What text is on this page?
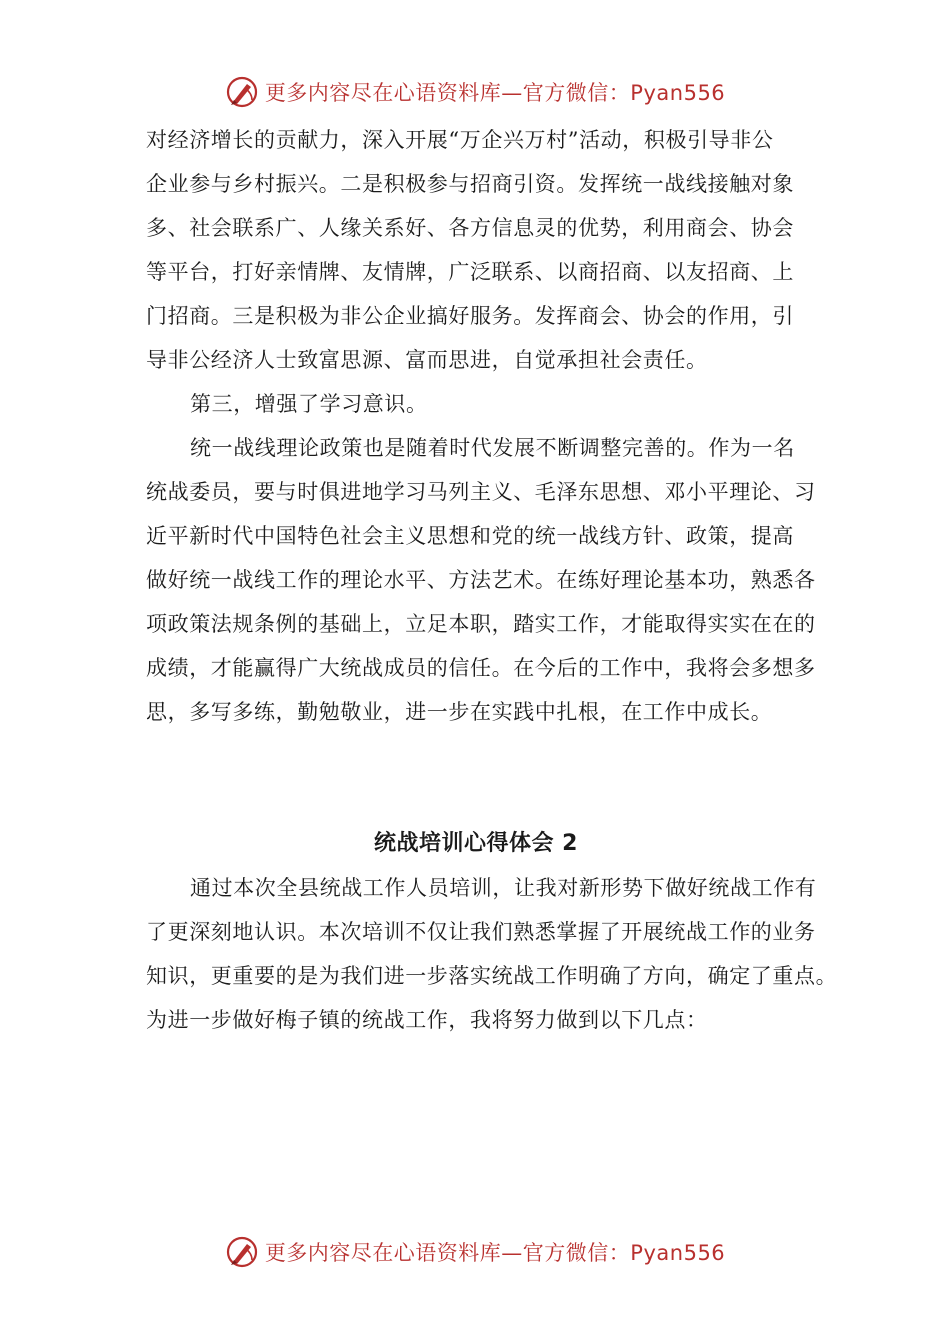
更多内容尽在心语资料库—官方微信：Pyan556
对经济增长的贡献力，深入开展“万企兴万村”活动，积极引导非公
企业参与乡村振兴。二是积极参与招商引资。发挥统一战线接触对象
多、社会联系广、人缘关系好、各方信息灵的优势，利用商会、协会
等平台，打好亲情牌、友情牌，广泛联系、以商招商、以友招商、上
门招商。三是积极为非公企业搞好服务。发挥商会、协会的作用，引
导非公经济人士致富思源、富而思进，自觉承担社会责任。
第三，增强了学习意识。
统一战线理论政策也是随着时代发展不断调整完善的。作为一名
统战委员，要与时俱进地学习马列主义、毛泽东思想、邓小平理论、习
近平新时代中国特色社会主义思想和党的统一战线方针、政策，提高
做好统一战线工作的理论水平、方法艺术。在练好理论基本功，熟悉各
项政策法规条例的基础上，立足本职，踏实工作，才能取得实实在在的
成绩，才能赢得广大统战成员的信任。在今后的工作中，我将会多想多
思，多写多练，勤勉敬业，进一步在实践中扎根，在工作中成长。
统战培训心得体会 2
通过本次全县统战工作人员培训，让我对新形势下做好统战工作有
了更深刻地认识。本次培训不仅让我们熟悉掌握了开展统战工作的业务
知识，更重要的是为我们进一步落实统战工作明确了方向，确定了重点。
为进一步做好梅子镇的统战工作，我将努力做到以下几点：
更多内容尽在心语资料库—官方微信：Pyan556
